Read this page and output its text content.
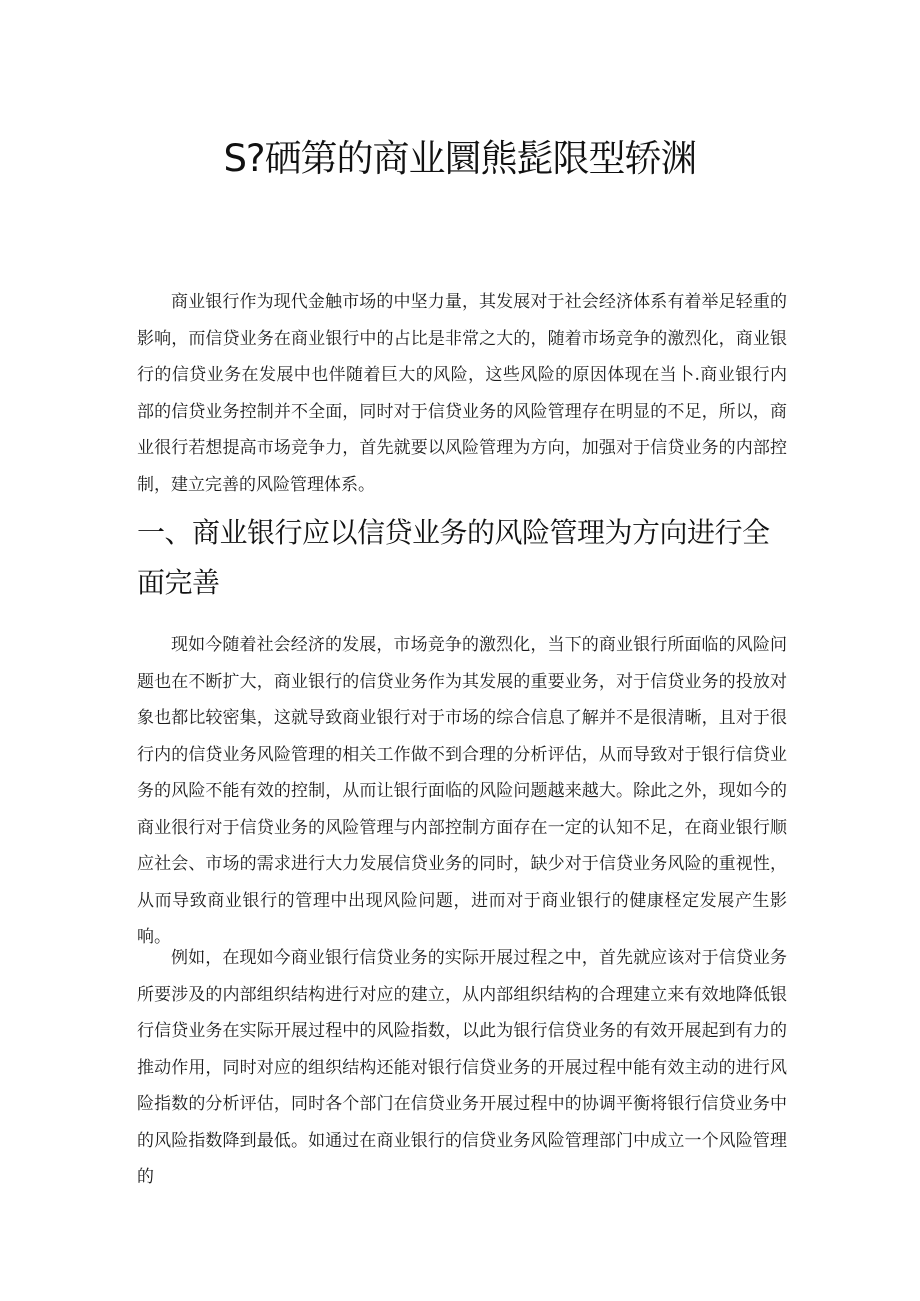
S?硒第的商业圜熊髭限型轿渊

商业银行作为现代金触市场的中坚力量，其发展对于社会经济体系有着举足轻重的影响，而信贷业务在商业银行中的占比是非常之大的，随着市场竞争的激烈化，商业银行的信贷业务在发展中也伴随着巨大的风险，这些风险的原因体现在当卜.商业银行内部的信贷业务控制并不全面，同时对于信贷业务的风险管理存在明显的不足，所以，商业很行若想提高市场竞争力，首先就要以风险管理为方向，加强对于信贷业务的内部控制，建立完善的风险管理体系。

一、商业银行应以信贷业务的风险管理为方向进行全面完善

现如今随着社会经济的发展，市场竞争的激烈化，当下的商业银行所面临的风险问题也在不断扩大，商业银行的信贷业务作为其发展的重要业务，对于信贷业务的投放对象也都比较密集，这就导致商业银行对于市场的综合信息了解并不是很清晰，且对于很行内的信贷业务风险管理的相关工作做不到合理的分析评估，从而导致对于银行信贷业务的风险不能有效的控制，从而让银行面临的风险问题越来越大。除此之外，现如今的商业很行对于信贷业务的风险管理与内部控制方面存在一定的认知不足，在商业银行顺应社会、市场的需求进行大力发展信贷业务的同时，缺少对于信贷业务风险的重视性，从而导致商业银行的管理中出现风险问题，进而对于商业银行的健康柽定发展产生影响。

例如，在现如今商业银行信贷业务的实际开展过程之中，首先就应该对于信贷业务所要涉及的内部组织结构进行对应的建立，从内部组织结构的合理建立来有效地降低银行信贷业务在实际开展过程中的风险指数，以此为银行信贷业务的有效开展起到有力的推动作用，同时对应的组织结构还能对银行信贷业务的开展过程中能有效主动的进行风险指数的分析评估，同时各个部门在信贷业务开展过程中的协调平衡将银行信贷业务中的风险指数降到最低。如通过在商业银行的信贷业务风险管理部门中成立一个风险管理的
